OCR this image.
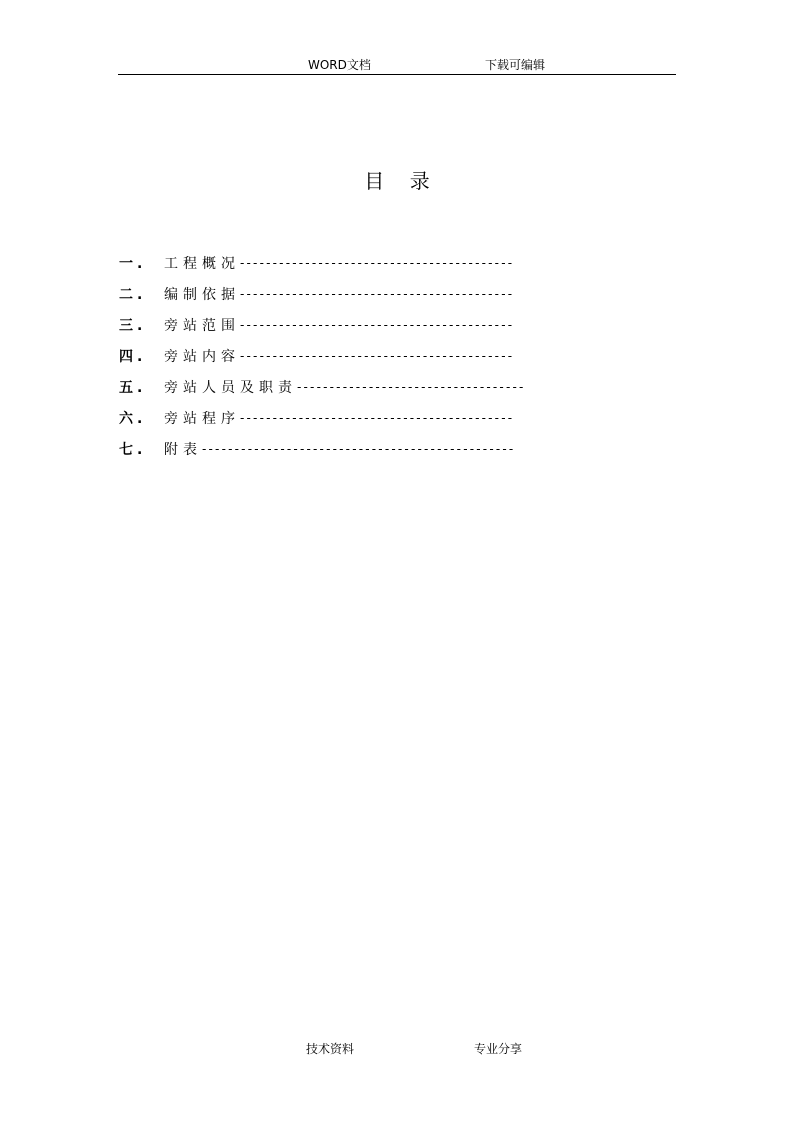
WORD文档	下载可编辑
目    录
一.	工程概况 ------------------------------------------
二.	编制依据 ------------------------------------------
三.	旁站范围 ------------------------------------------
四.	旁站内容 ------------------------------------------
五.	旁站人员及职责 -----------------------------------
六.	旁站程序 ------------------------------------------
七.	附表 ------------------------------------------------
技术资料	专业分享
